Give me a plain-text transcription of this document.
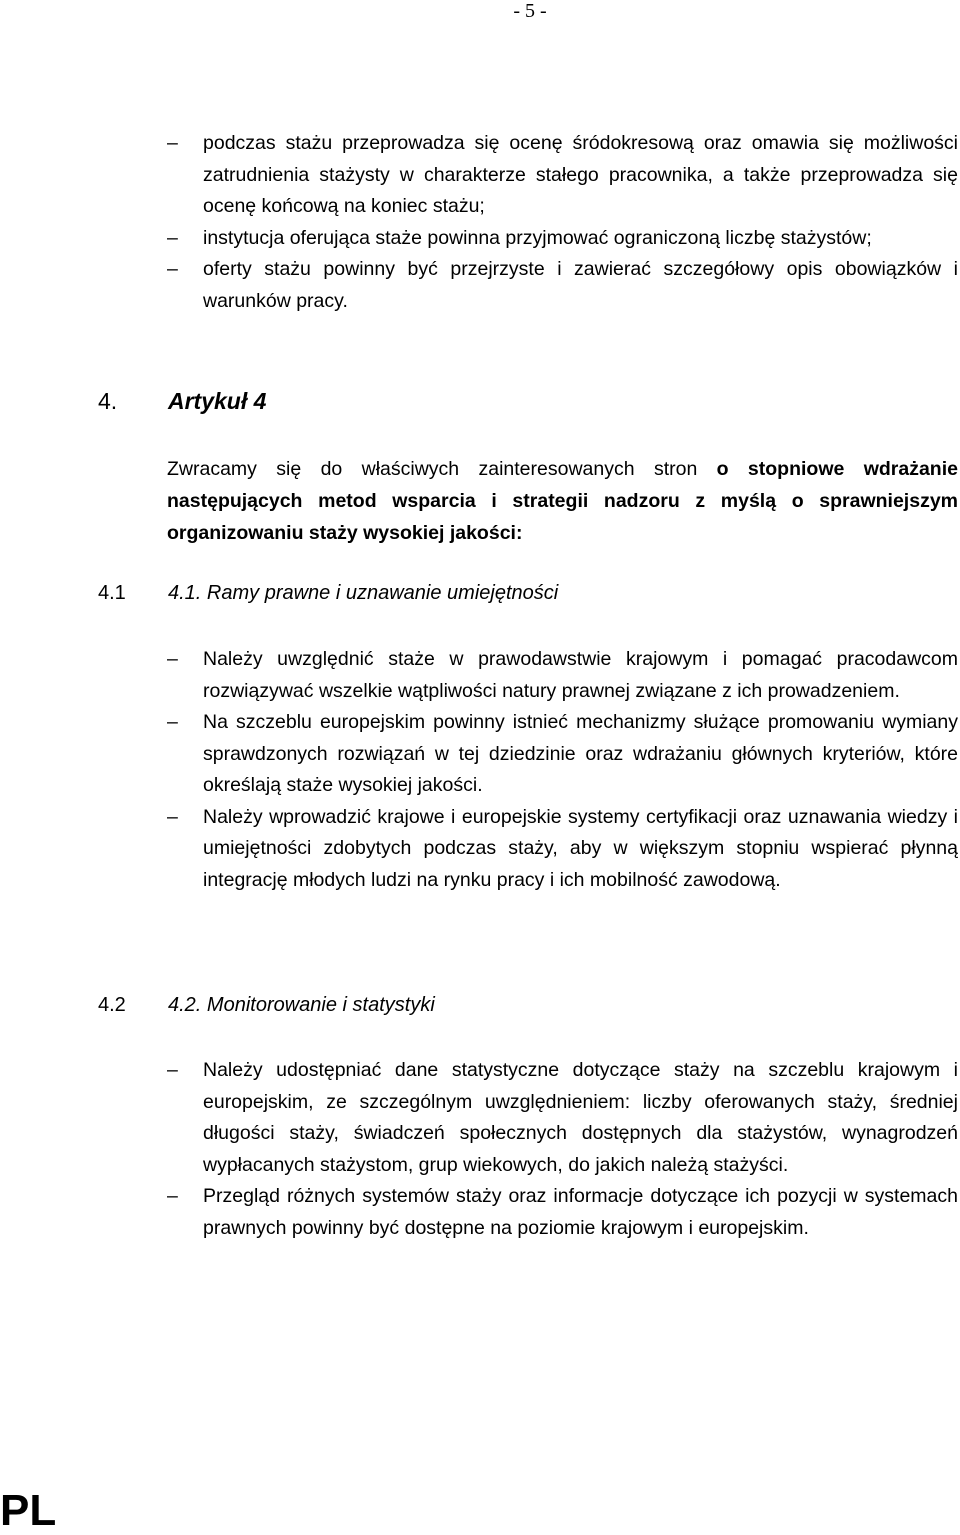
- 5 -
–	podczas stażu przeprowadza się ocenę śródokresową oraz omawia się możliwości zatrudnienia stażysty w charakterze stałego pracownika, a także przeprowadza się ocenę końcową na koniec stażu;
–	instytucja oferująca staże powinna przyjmować ograniczoną liczbę stażystów;
–	oferty stażu powinny być przejrzyste i zawierać szczegółowy opis obowiązków i warunków pracy.
4. Artykuł 4
Zwracamy się do właściwych zainteresowanych stron o stopniowe wdrażanie następujących metod wsparcia i strategii nadzoru z myślą o sprawniejszym organizowaniu staży wysokiej jakości:
4.1 4.1. Ramy prawne i uznawanie umiejętności
–	Należy uwzględnić staże w prawodawstwie krajowym i pomagać pracodawcom rozwiązywać wszelkie wątpliwości natury prawnej związane z ich prowadzeniem.
–	Na szczeblu europejskim powinny istnieć mechanizmy służące promowaniu wymiany sprawdzonych rozwiązań w tej dziedzinie oraz wdrażaniu głównych kryteriów, które określają staże wysokiej jakości.
–	Należy wprowadzić krajowe i europejskie systemy certyfikacji oraz uznawania wiedzy i umiejętności zdobytych podczas staży, aby w większym stopniu wspierać płynną integrację młodych ludzi na rynku pracy i ich mobilność zawodową.
4.2 4.2. Monitorowanie i statystyki
–	Należy udostępniać dane statystyczne dotyczące staży na szczeblu krajowym i europejskim, ze szczególnym uwzględnieniem: liczby oferowanych staży, średniej długości staży, świadczeń społecznych dostępnych dla stażystów, wynagrodzeń wypłacanych stażystom, grup wiekowych, do jakich należą stażyści.
–	Przegląd różnych systemów staży oraz informacje dotyczące ich pozycji w systemach prawnych powinny być dostępne na poziomie krajowym i europejskim.
PL
